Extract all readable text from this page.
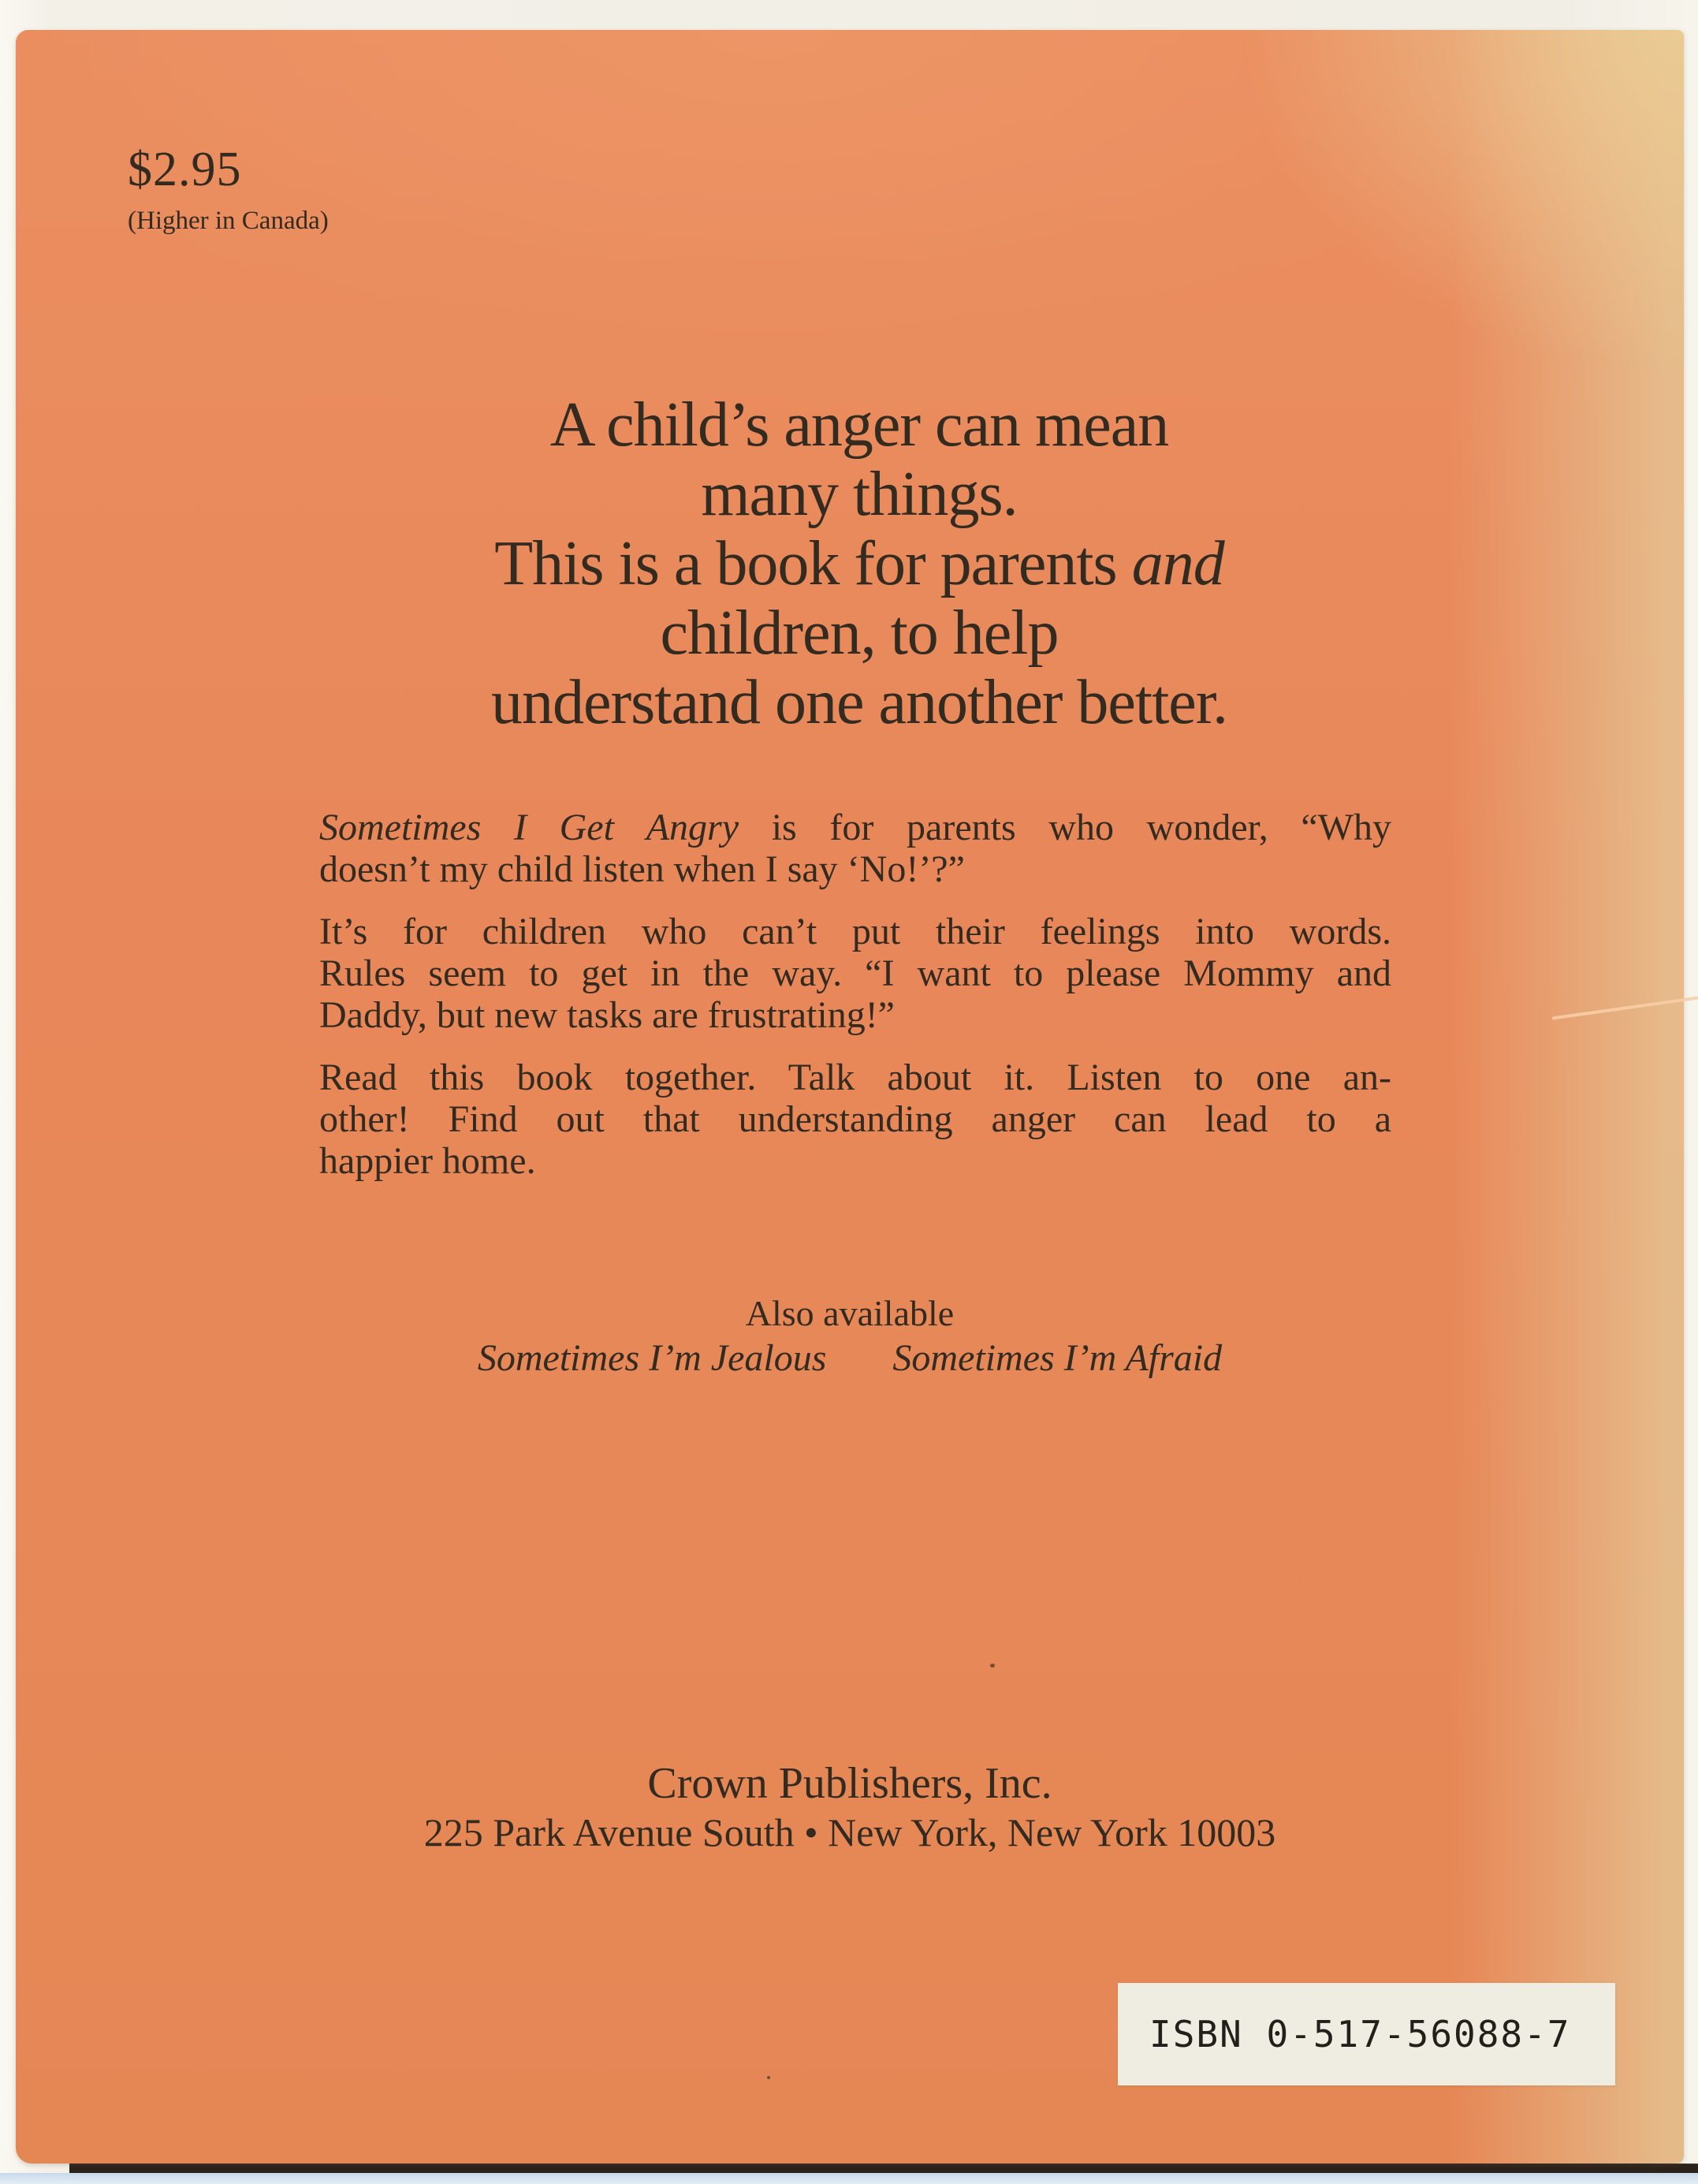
$2.95
(Higher in Canada)
A child’s anger can mean
many things.
This is a book for parents and
children, to help
understand one another better.
Sometimes I Get Angry is for parents who wonder, “Why
doesn’t my child listen when I say ‘No!’?”
It’s for children who can’t put their feelings into words.
Rules seem to get in the way. “I want to please Mommy and
Daddy, but new tasks are frustrating!”
Read this book together. Talk about it. Listen to one an-
other! Find out that understanding anger can lead to a
happier home.
Also available
Sometimes I’m Jealous Sometimes I’m Afraid
Crown Publishers, Inc.
225 Park Avenue South • New York, New York 10003
ISBN 0-517-56088-7
